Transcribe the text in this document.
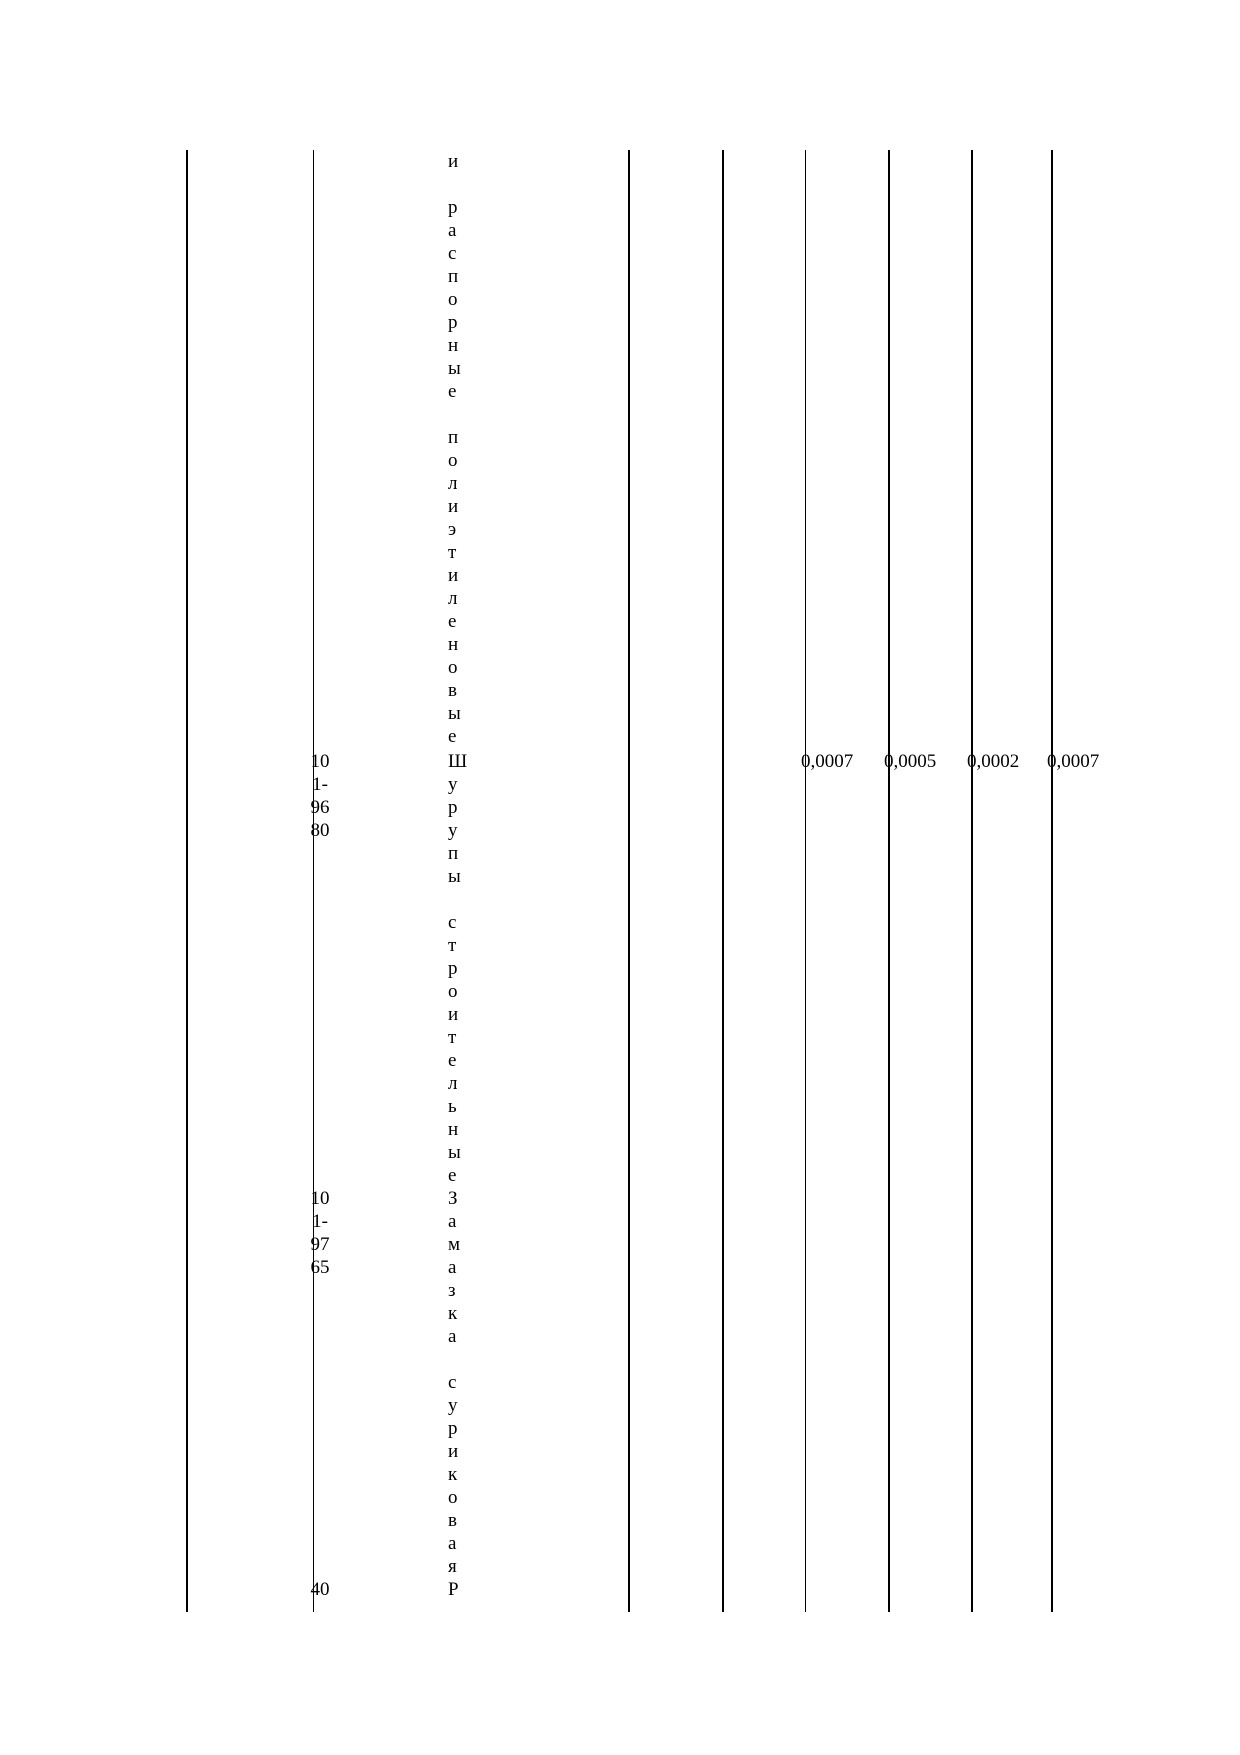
и
р
а
с
п
о
р
н
ы
е
п
о
л
и
э
т
и
л
е
н
о
в
ы
е
10
1-
96
80
Ш
у
р
у
п
ы
с
т
р
о
и
т
е
л
ь
н
ы
е
0,0007 0,0005 0,0002 0,0007
10
1-
97
65
З
а
м
а
з
к
а
с
у
р
и
к
о
в
а
я
40	Р
